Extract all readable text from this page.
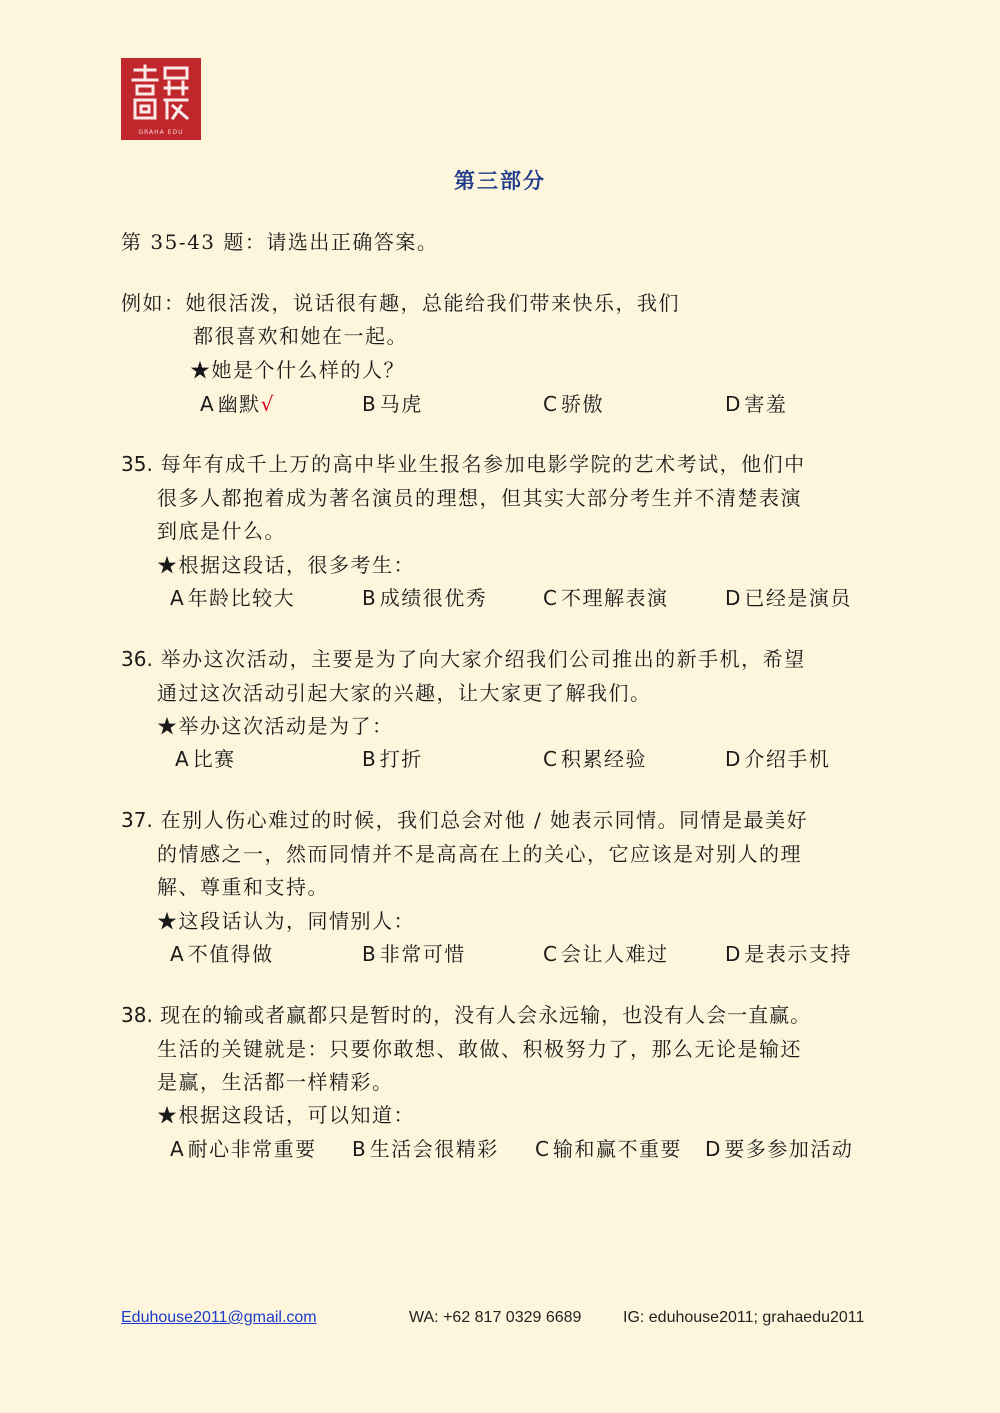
GRAHA EDU
第三部分
第 35-43 题：请选出正确答案。
例如：她很活泼，说话很有趣，总能给我们带来快乐，我们
都很喜欢和她在一起。
★她是个什么样的人？
A 幽默√	B 马虎	C 骄傲	D 害羞
35. 每年有成千上万的高中毕业生报名参加电影学院的艺术考试，他们中
很多人都抱着成为著名演员的理想，但其实大部分考生并不清楚表演
到底是什么。
★根据这段话，很多考生：
A 年龄比较大	B 成绩很优秀	C 不理解表演	D 已经是演员
36. 举办这次活动，主要是为了向大家介绍我们公司推出的新手机，希望
通过这次活动引起大家的兴趣，让大家更了解我们。
★举办这次活动是为了：
A 比赛	B 打折	C 积累经验	D 介绍手机
37. 在别人伤心难过的时候，我们总会对他 / 她表示同情。同情是最美好
的情感之一，然而同情并不是高高在上的关心，它应该是对别人的理
解、尊重和支持。
★这段话认为，同情别人：
A 不值得做	B 非常可惜	C 会让人难过	D 是表示支持
38. 现在的输或者赢都只是暂时的，没有人会永远输，也没有人会一直赢。
生活的关键就是：只要你敢想、敢做、积极努力了，那么无论是输还
是赢，生活都一样精彩。
★根据这段话，可以知道：
A 耐心非常重要 B 生活会很精彩 C 输和赢不重要 D 要多参加活动
Eduhouse2011@gmail.com	WA: +62 817 0329 6689	IG: eduhouse2011; grahaedu2011
